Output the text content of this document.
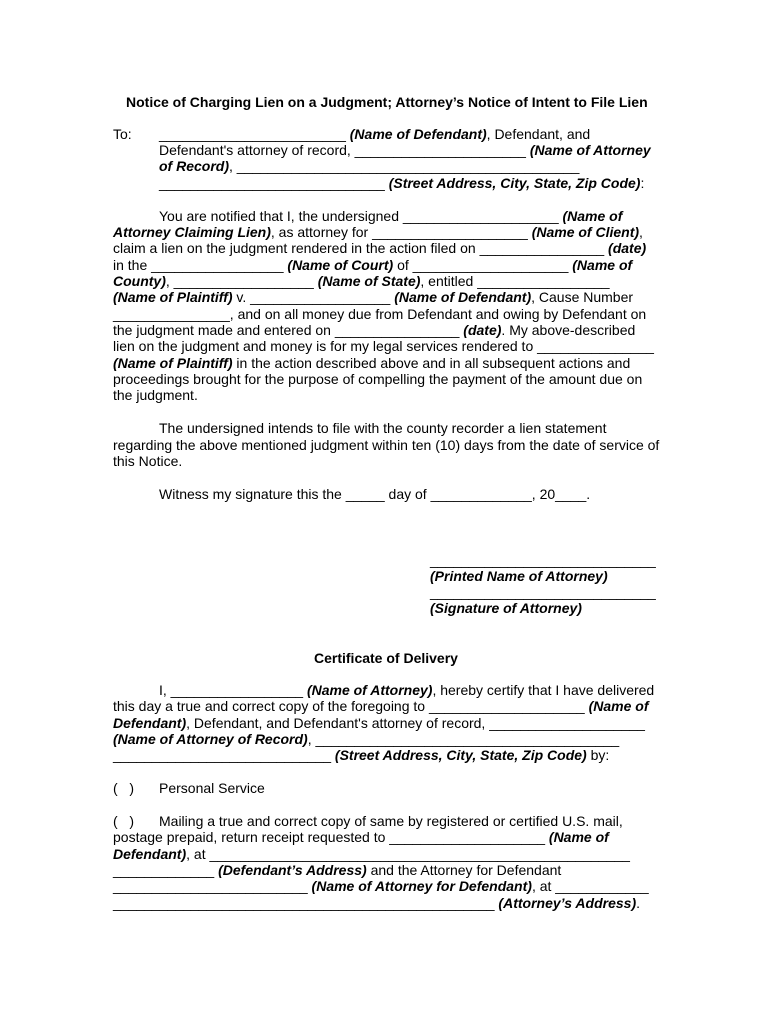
Notice of Charging Lien on a Judgment; Attorney’s Notice of Intent to File Lien
To: ________________________ (Name of Defendant), Defendant, and
Defendant's attorney of record, ______________________ (Name of Attorney
of Record), ____________________________________________
_____________________________ (Street Address, City, State, Zip Code):
You are notified that I, the undersigned ____________________ (Name of
Attorney Claiming Lien), as attorney for ____________________ (Name of Client),
claim a lien on the judgment rendered in the action filed on ________________ (date)
in the _________________ (Name of Court) of ____________________ (Name of
County), __________________ (Name of State), entitled _________________
(Name of Plaintiff) v. __________________ (Name of Defendant), Cause Number
_______________, and on all money due from Defendant and owing by Defendant on
the judgment made and entered on ________________ (date). My above-described
lien on the judgment and money is for my legal services rendered to _______________
(Name of Plaintiff) in the action described above and in all subsequent actions and
proceedings brought for the purpose of compelling the payment of the amount due on
the judgment.
The undersigned intends to file with the county recorder a lien statement
regarding the above mentioned judgment within ten (10) days from the date of service of
this Notice.
Witness my signature this the _____ day of _____________, 20____.
_____________________________
(Printed Name of Attorney)
_____________________________
(Signature of Attorney)
Certificate of Delivery
I, _________________ (Name of Attorney), hereby certify that I have delivered
this day a true and correct copy of the foregoing to ____________________ (Name of
Defendant), Defendant, and Defendant's attorney of record, ____________________
(Name of Attorney of Record), _______________________________________
____________________________ (Street Address, City, State, Zip Code) by:
(   ) Personal Service
(   ) Mailing a true and correct copy of same by registered or certified U.S. mail,
postage prepaid, return receipt requested to ____________________ (Name of
Defendant), at ______________________________________________________
_____________ (Defendant’s Address) and the Attorney for Defendant
_________________________ (Name of Attorney for Defendant), at ____________
_________________________________________________ (Attorney’s Address).
